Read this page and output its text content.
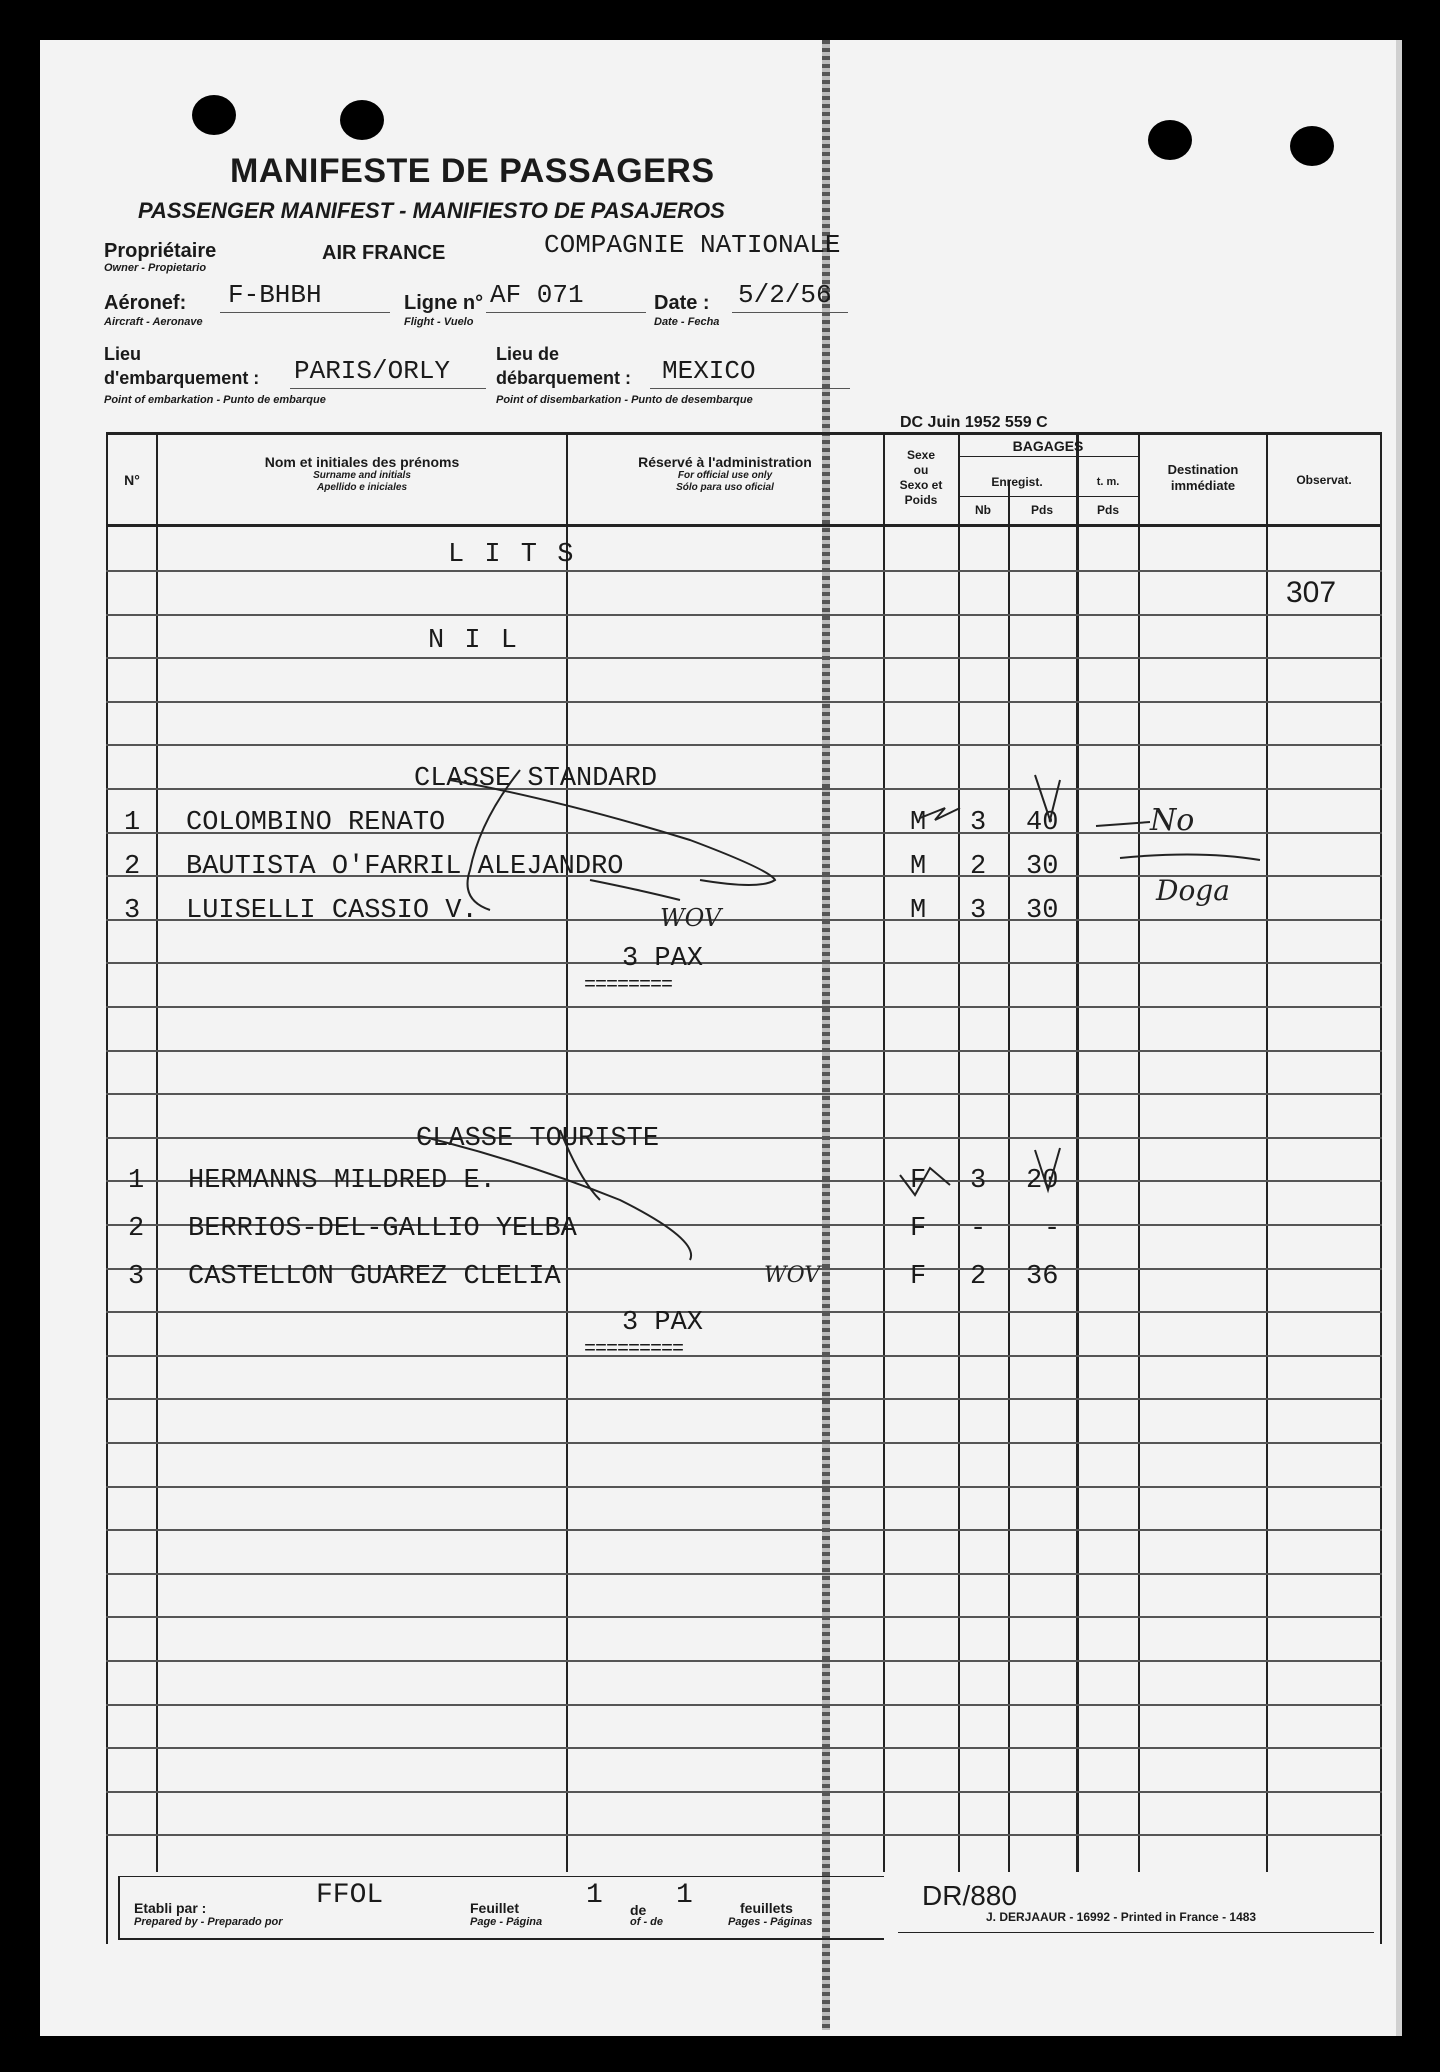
MANIFESTE DE PASSAGERS
PASSENGER MANIFEST - MANIFIESTO DE PASAJEROS
Propriétaire
Owner - Propietario
AIR FRANCE	COMPAGNIE NATIONALE
Aéronef:
Aircraft - Aeronave
F-BHBH	Ligne n°
Flight - Vuelo
AF 071	Date :
Date - Fecha
5/2/56
Lieu
d'embarquement :
Point of embarkation - Punto de embarque
PARIS/ORLY
Lieu de
débarquement :
Point of disembarkation - Punto de desembarque
MEXICO
DC Juin 1952 559 C
N°
Nom et initiales des prénoms
Surname and initials
Apellido e iniciales
Réservé à l'administration
For official use only
Sólo para uso oficial
Sexe
ou
Sexo et
Poids
BAGAGES
Enregist.
Nb	Pds
t. m.
Pds
Destination immédiate	Observat.
L I T S
N I L
307
CLASSE STANDARD
1 COLOMBINO RENATO	M 3 40
2 BAUTISTA O'FARRIL ALEJANDRO	M 2 30
3 LUISELLI CASSIO V.	M 3 30
3 PAX
========
CLASSE TOURISTE
1 HERMANNS MILDRED E.	F 3 20
2 BERRIOS-DEL-GALLIO YELBA	F - -
3 CASTELLON GUAREZ CLELIA	F 2 36
3 PAX
=========
No
Doga
WOV
WOV
Etabli par :
Prepared by - Preparado por
FFOL	Feuillet
Page - Página
1 de
of - de
1	feuillets
Pages - Páginas
DR/880
J. DERJAAUR - 16992 - Printed in France - 1483
